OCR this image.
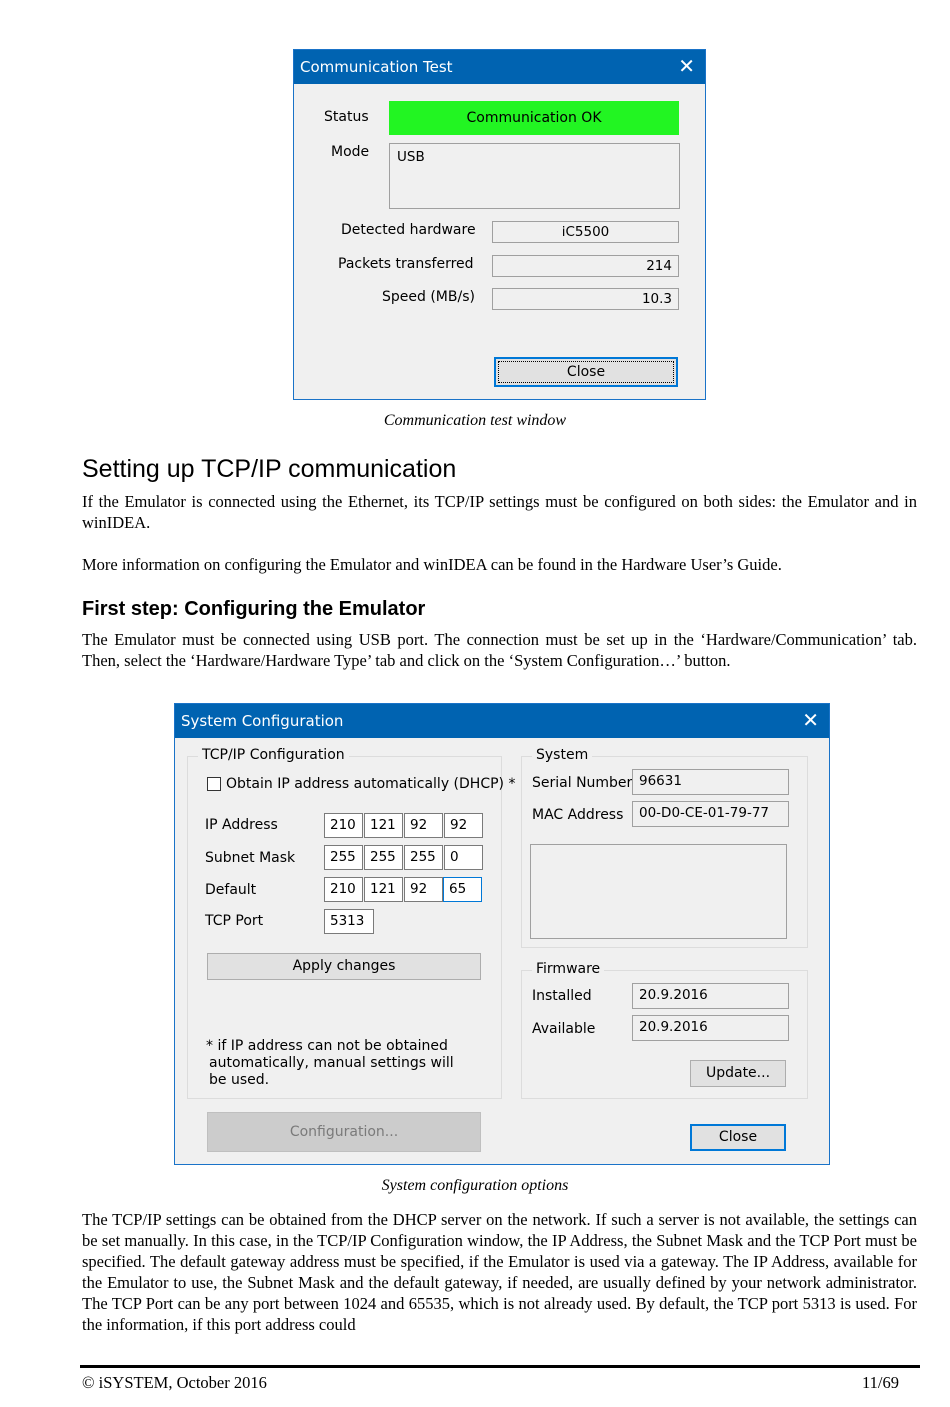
Communication Test	✕
Status	Communication OK
Mode	USB
Detected hardware	iC5500
Packets transferred	214
Speed (MB/s)	10.3
Close
Communication test window
Setting up TCP/IP communication
If the Emulator is connected using the Ethernet, its TCP/IP settings must be configured on both sides: the Emulator and in winIDEA.
More information on configuring the Emulator and winIDEA can be found in the Hardware User’s Guide.
First step: Configuring the Emulator
The Emulator must be connected using USB port. The connection must be set up in the ‘Hardware/Communication’ tab. Then, select the ‘Hardware/Hardware Type’ tab and click on the ‘System Configuration…’ button.
System Configuration	✕
TCP/IP Configuration
Obtain IP address automatically (DHCP) *
IP Address	210	121	92	92
Subnet Mask	255	255	255	0
Default	210	121	92	65
TCP Port	5313
Apply changes
* if IP address can not be obtained
automatically, manual settings will
be used.
Configuration...
System
Serial Number 96631
MAC Address	00-D0-CE-01-79-77
Firmware
Installed	20.9.2016
Available	20.9.2016
Update...
Close
System configuration options
The TCP/IP settings can be obtained from the DHCP server on the network. If such a server is not available, the settings can be set manually. In this case, in the TCP/IP Configuration window, the IP Address, the Subnet Mask and the TCP Port must be specified. The default gateway address must be specified, if the Emulator is used via a gateway. The IP Address, available for the Emulator to use, the Subnet Mask and the default gateway, if needed, are usually defined by your network administrator. The TCP Port can be any port between 1024 and 65535, which is not already used. By default, the TCP port 5313 is used. For the information, if this port address could
© iSYSTEM, October 2016	11/69
